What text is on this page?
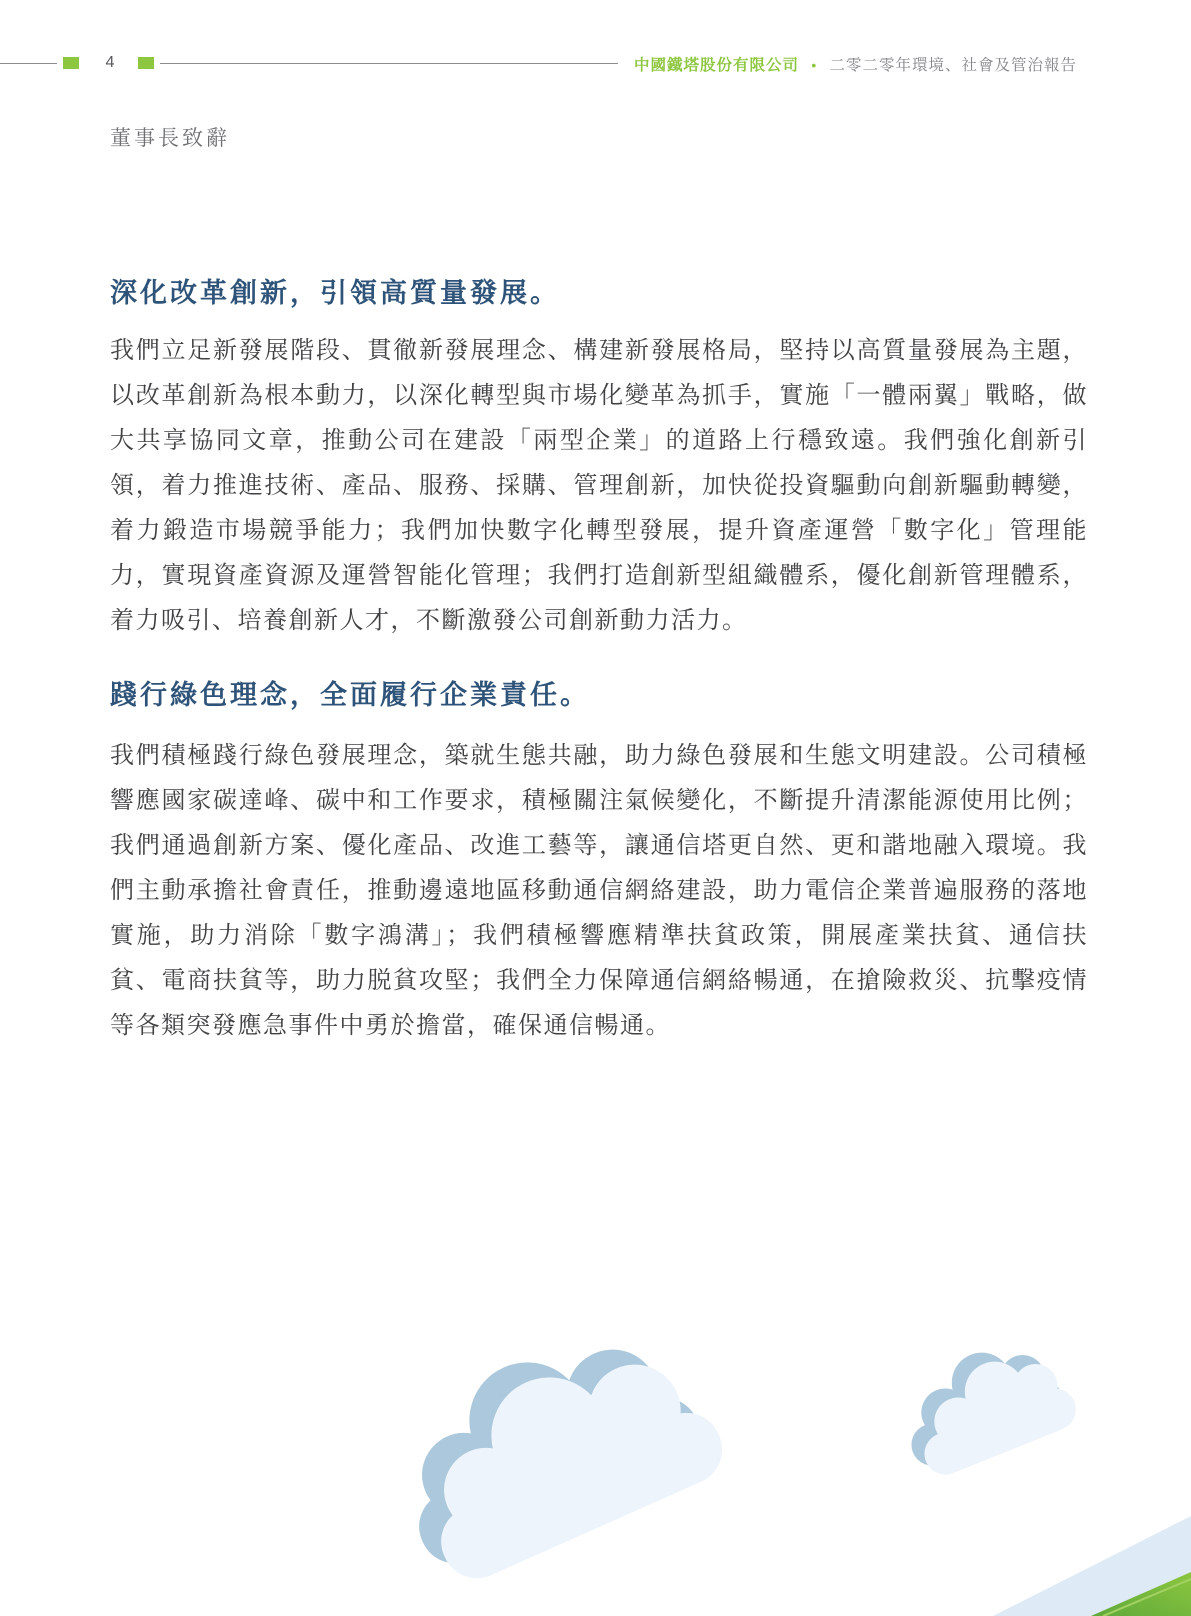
4	中國鐵塔股份有限公司 • 二零二零年環境、社會及管治報告
董事長致辭
深化改革創新，引領高質量發展。

我們立足新發展階段、貫徹新發展理念、構建新發展格局，堅持以高質量發展為主題，以改革創新為根本動力，以深化轉型與市場化變革為抓手，實施「一體兩翼」戰略，做大共享協同文章，推動公司在建設「兩型企業」的道路上行穩致遠。我們強化創新引領，着力推進技術、產品、服務、採購、管理創新，加快從投資驅動向創新驅動轉變，着力鍛造市場競爭能力；我們加快數字化轉型發展，提升資產運營「數字化」管理能力，實現資產資源及運營智能化管理；我們打造創新型組織體系，優化創新管理體系，着力吸引、培養創新人才，不斷激發公司創新動力活力。

踐行綠色理念，全面履行企業責任。

我們積極踐行綠色發展理念，築就生態共融，助力綠色發展和生態文明建設。公司積極響應國家碳達峰、碳中和工作要求，積極關注氣候變化，不斷提升清潔能源使用比例；我們通過創新方案、優化產品、改進工藝等，讓通信塔更自然、更和諧地融入環境。我們主動承擔社會責任，推動邊遠地區移動通信網絡建設，助力電信企業普遍服務的落地實施，助力消除「數字鴻溝」；我們積極響應精準扶貧政策，開展產業扶貧、通信扶貧、電商扶貧等，助力脱貧攻堅；我們全力保障通信網絡暢通，在搶險救災、抗擊疫情等各類突發應急事件中勇於擔當，確保通信暢通。
